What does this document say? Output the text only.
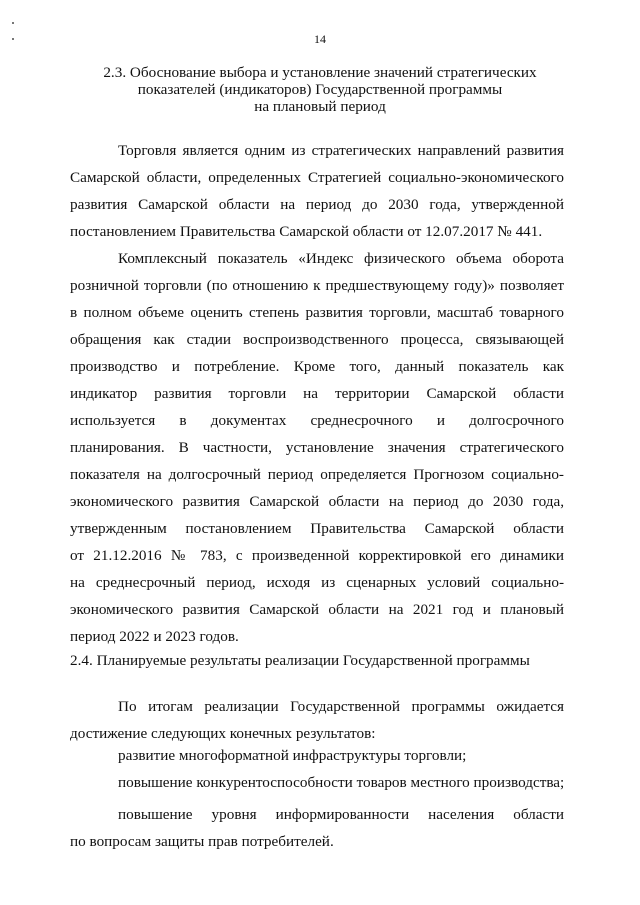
14
2.3. Обоснование выбора и установление значений стратегических
показателей (индикаторов) Государственной программы
на плановый период
Торговля является одним из стратегических направлений развития
Самарской области, определенных Стратегией социально-экономического
развития Самарской области на период до 2030 года, утвержденной
постановлением Правительства Самарской области от 12.07.2017 № 441.
Комплексный показатель «Индекс физического объема оборота
розничной торговли (по отношению к предшествующему году)» позволяет
в полном объеме оценить степень развития торговли, масштаб товарного
обращения как стадии воспроизводственного процесса, связывающей
производство и потребление. Кроме того, данный показатель как
индикатор развития торговли на территории Самарской области
используется в документах среднесрочного и долгосрочного
планирования. В частности, установление значения стратегического
показателя на долгосрочный период определяется Прогнозом социально-
экономического развития Самарской области на период до 2030 года,
утвержденным постановлением Правительства Самарской области
от 21.12.2016 № 783, с произведенной корректировкой его динамики
на среднесрочный период, исходя из сценарных условий социально-
экономического развития Самарской области на 2021 год и плановый
период 2022 и 2023 годов.
2.4. Планируемые результаты реализации Государственной программы
По итогам реализации Государственной программы ожидается
достижение следующих конечных результатов:
развитие многоформатной инфраструктуры торговли;
повышение конкурентоспособности товаров местного производства;
повышение уровня информированности населения области
по вопросам защиты прав потребителей.
